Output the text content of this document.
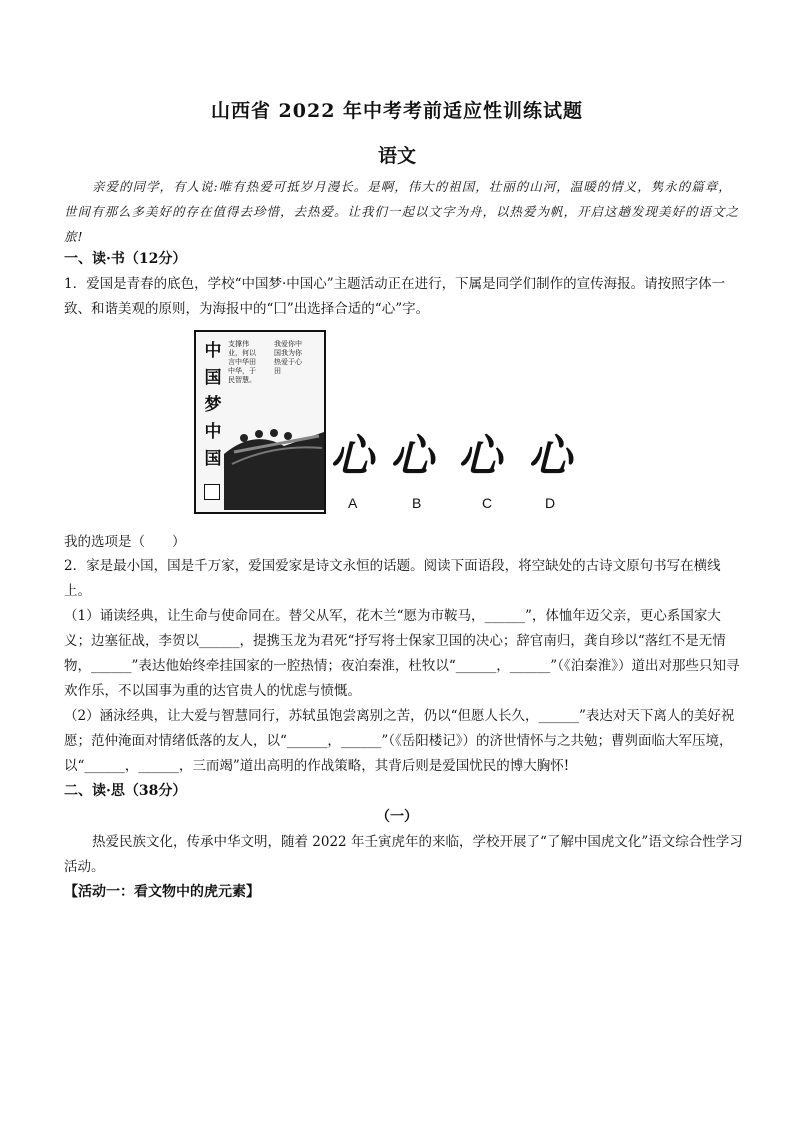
山西省 2022 年中考考前适应性训练试题
语文
亲爱的同学，有人说:唯有热爱可抵岁月漫长。是啊，伟大的祖国，壮丽的山河，温暖的情义，隽永的篇章，世间有那么多美好的存在值得去珍惜，去热爱。让我们一起以文字为舟，以热爱为帆，开启这趟发现美好的语文之旅!
一、读·书（12分）
1．爱国是青春的底色，学校“中国梦·中国心”主题活动正在进行，下属是同学们制作的宣传海报。请按照字体一致、和谐美观的原则，为海报中的“囗”出选择合适的“心”字。
中
国
梦
中
国
支撑伟业，何以言中华田中华，于民智慧。
我爱你中国我为你热爱于心田
心 心 心 心
A	B	C	D
我的选项是（　　）
2．家是最小国，国是千万家，爱国爱家是诗文永恒的话题。阅读下面语段，将空缺处的古诗文原句书写在横线上。
（1）诵读经典，让生命与使命同在。替父从军，花木兰“愿为市鞍马，______”，体恤年迈父亲，更心系国家大义；边塞征战，李贺以______，提携玉龙为君死“抒写将士保家卫国的决心；辞官南归，龚自珍以“落红不是无情物，______”表达他始终牵挂国家的一腔热情；夜泊秦淮，杜牧以“______，______”（《泊秦淮》）道出对那些只知寻欢作乐，不以国事为重的达官贵人的忧虑与愤慨。
（2）涵泳经典，让大爱与智慧同行，苏轼虽饱尝离别之苦，仍以“但愿人长久，______”表达对天下离人的美好祝愿；范仲淹面对情绪低落的友人，以“______，______”（《岳阳楼记》）的济世情怀与之共勉；曹刿面临大军压境，以“______，______，三而竭”道出高明的作战策略，其背后则是爱国忧民的博大胸怀!
二、读·思（38分）
（一）
热爱民族文化，传承中华文明，随着 2022 年壬寅虎年的来临，学校开展了“了解中国虎文化”语文综合性学习活动。
【活动一：看文物中的虎元素】
